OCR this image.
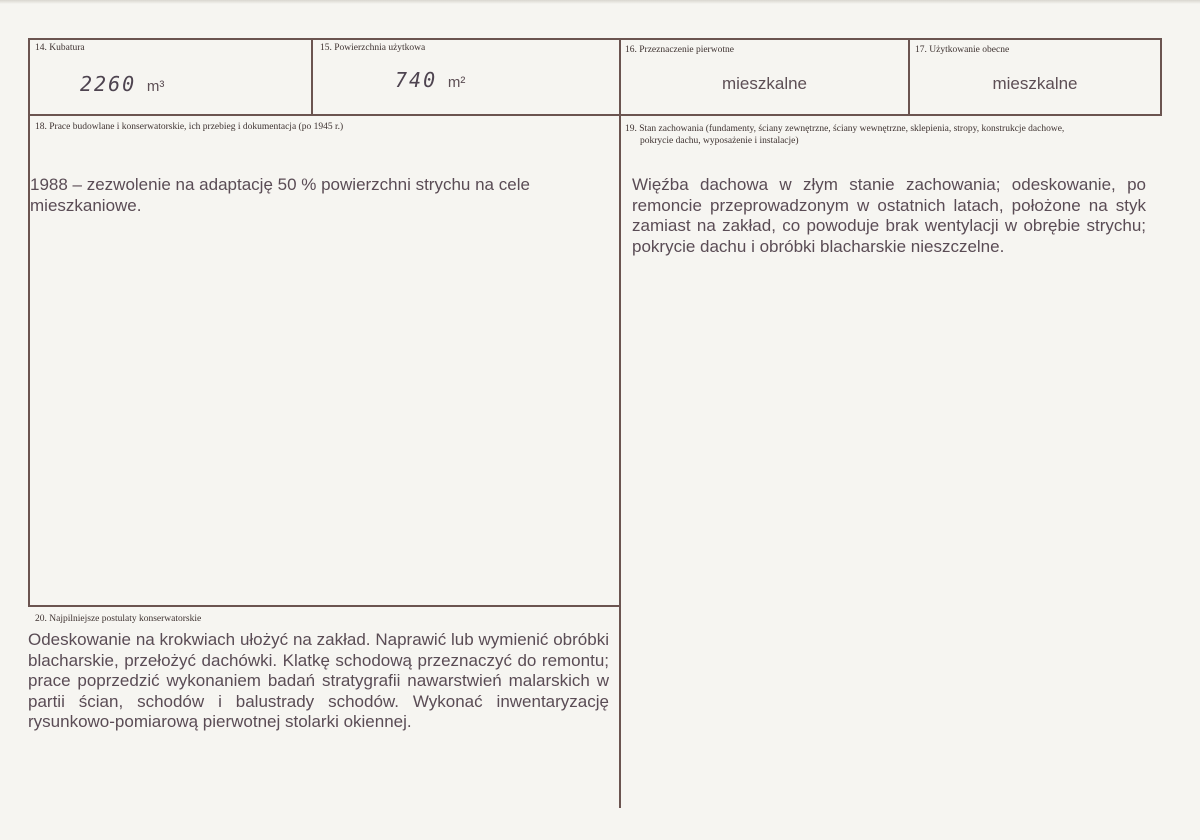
14. Kubatura
2260 m³
15. Powierzchnia użytkowa
740 m²
16. Przeznaczenie pierwotne
mieszkalne
17. Użytkowanie obecne
mieszkalne
18. Prace budowlane i konserwatorskie, ich przebieg i dokumentacja (po 1945 r.)
1988 – zezwolenie na adaptację 50 % powierzchni strychu na cele mieszkaniowe.
19. Stan zachowania (fundamenty, ściany zewnętrzne, ściany wewnętrzne, sklepienia, stropy, konstrukcje dachowe,
pokrycie dachu, wyposażenie i instalacje)
Więźba dachowa w złym stanie zachowania; odeskowanie, po remoncie przeprowadzonym w ostatnich latach, położone na styk zamiast na zakład, co powoduje brak wentylacji w obrębie strychu; pokrycie dachu i obróbki blacharskie nieszczelne.
20. Najpilniejsze postulaty konserwatorskie
Odeskowanie na krokwiach ułożyć na zakład. Naprawić lub wymienić obróbki blacharskie, przełożyć dachówki. Klatkę schodową przeznaczyć do remontu; prace poprzedzić wykonaniem badań stratygrafii nawarstwień malarskich w partii ścian, schodów i balustrady schodów. Wykonać inwentaryzację rysunkowo-pomiarową pierwotnej stolarki okiennej.
